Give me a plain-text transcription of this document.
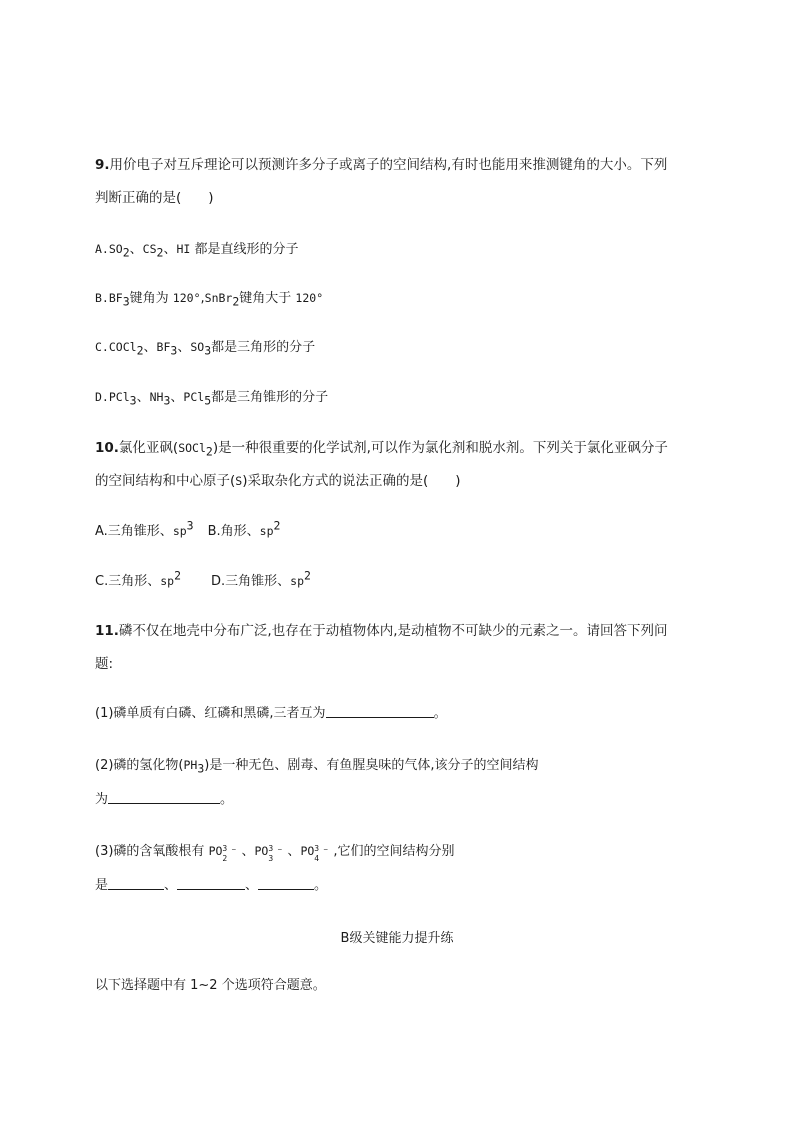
9.用价电子对互斥理论可以预测许多分子或离子的空间结构,有时也能用来推测键角的大小。下列
判断正确的是(　　)
$A.SO_2$、$CS_2$、HI 都是直线形的分子
$B.BF_3$键角为 120°,SnBr$_2$键角大于 120°
C.COCl$_2$、$BF_3$、$SO_3$都是三角形的分子
D.PCl$_3$、$NH_3$、PCl$_5$都是三角锥形的分子
10.氯化亚砜(SOCl$_2$)是一种很重要的化学试剂,可以作为氯化剂和脱水剂。下列关于氯化亚砜分子
的空间结构和中心原子(S)采取杂化方式的说法正确的是(　　)
A.三角锥形、$sp^3$ B.角形、$sp^2$
C.三角形、$sp^2$ D.三角锥形、$sp^2$
11.磷不仅在地壳中分布广泛,也存在于动植物体内,是动植物不可缺少的元素之一。请回答下列问
题:
(1)磷单质有白磷、红磷和黑磷,三者互为	。
(2)磷的氢化物$(PH_3)$是一种无色、剧毒、有鱼腥臭味的气体,该分子的空间结构
为	。
(3)磷的含氧酸根有 PO 3
2
⁻ 、PO 3
3
⁻ 、PO 3
4
⁻ ,它们的空间结构分别
是	、	、	。
B级关键能力提升练
以下选择题中有 1~2 个选项符合题意。
